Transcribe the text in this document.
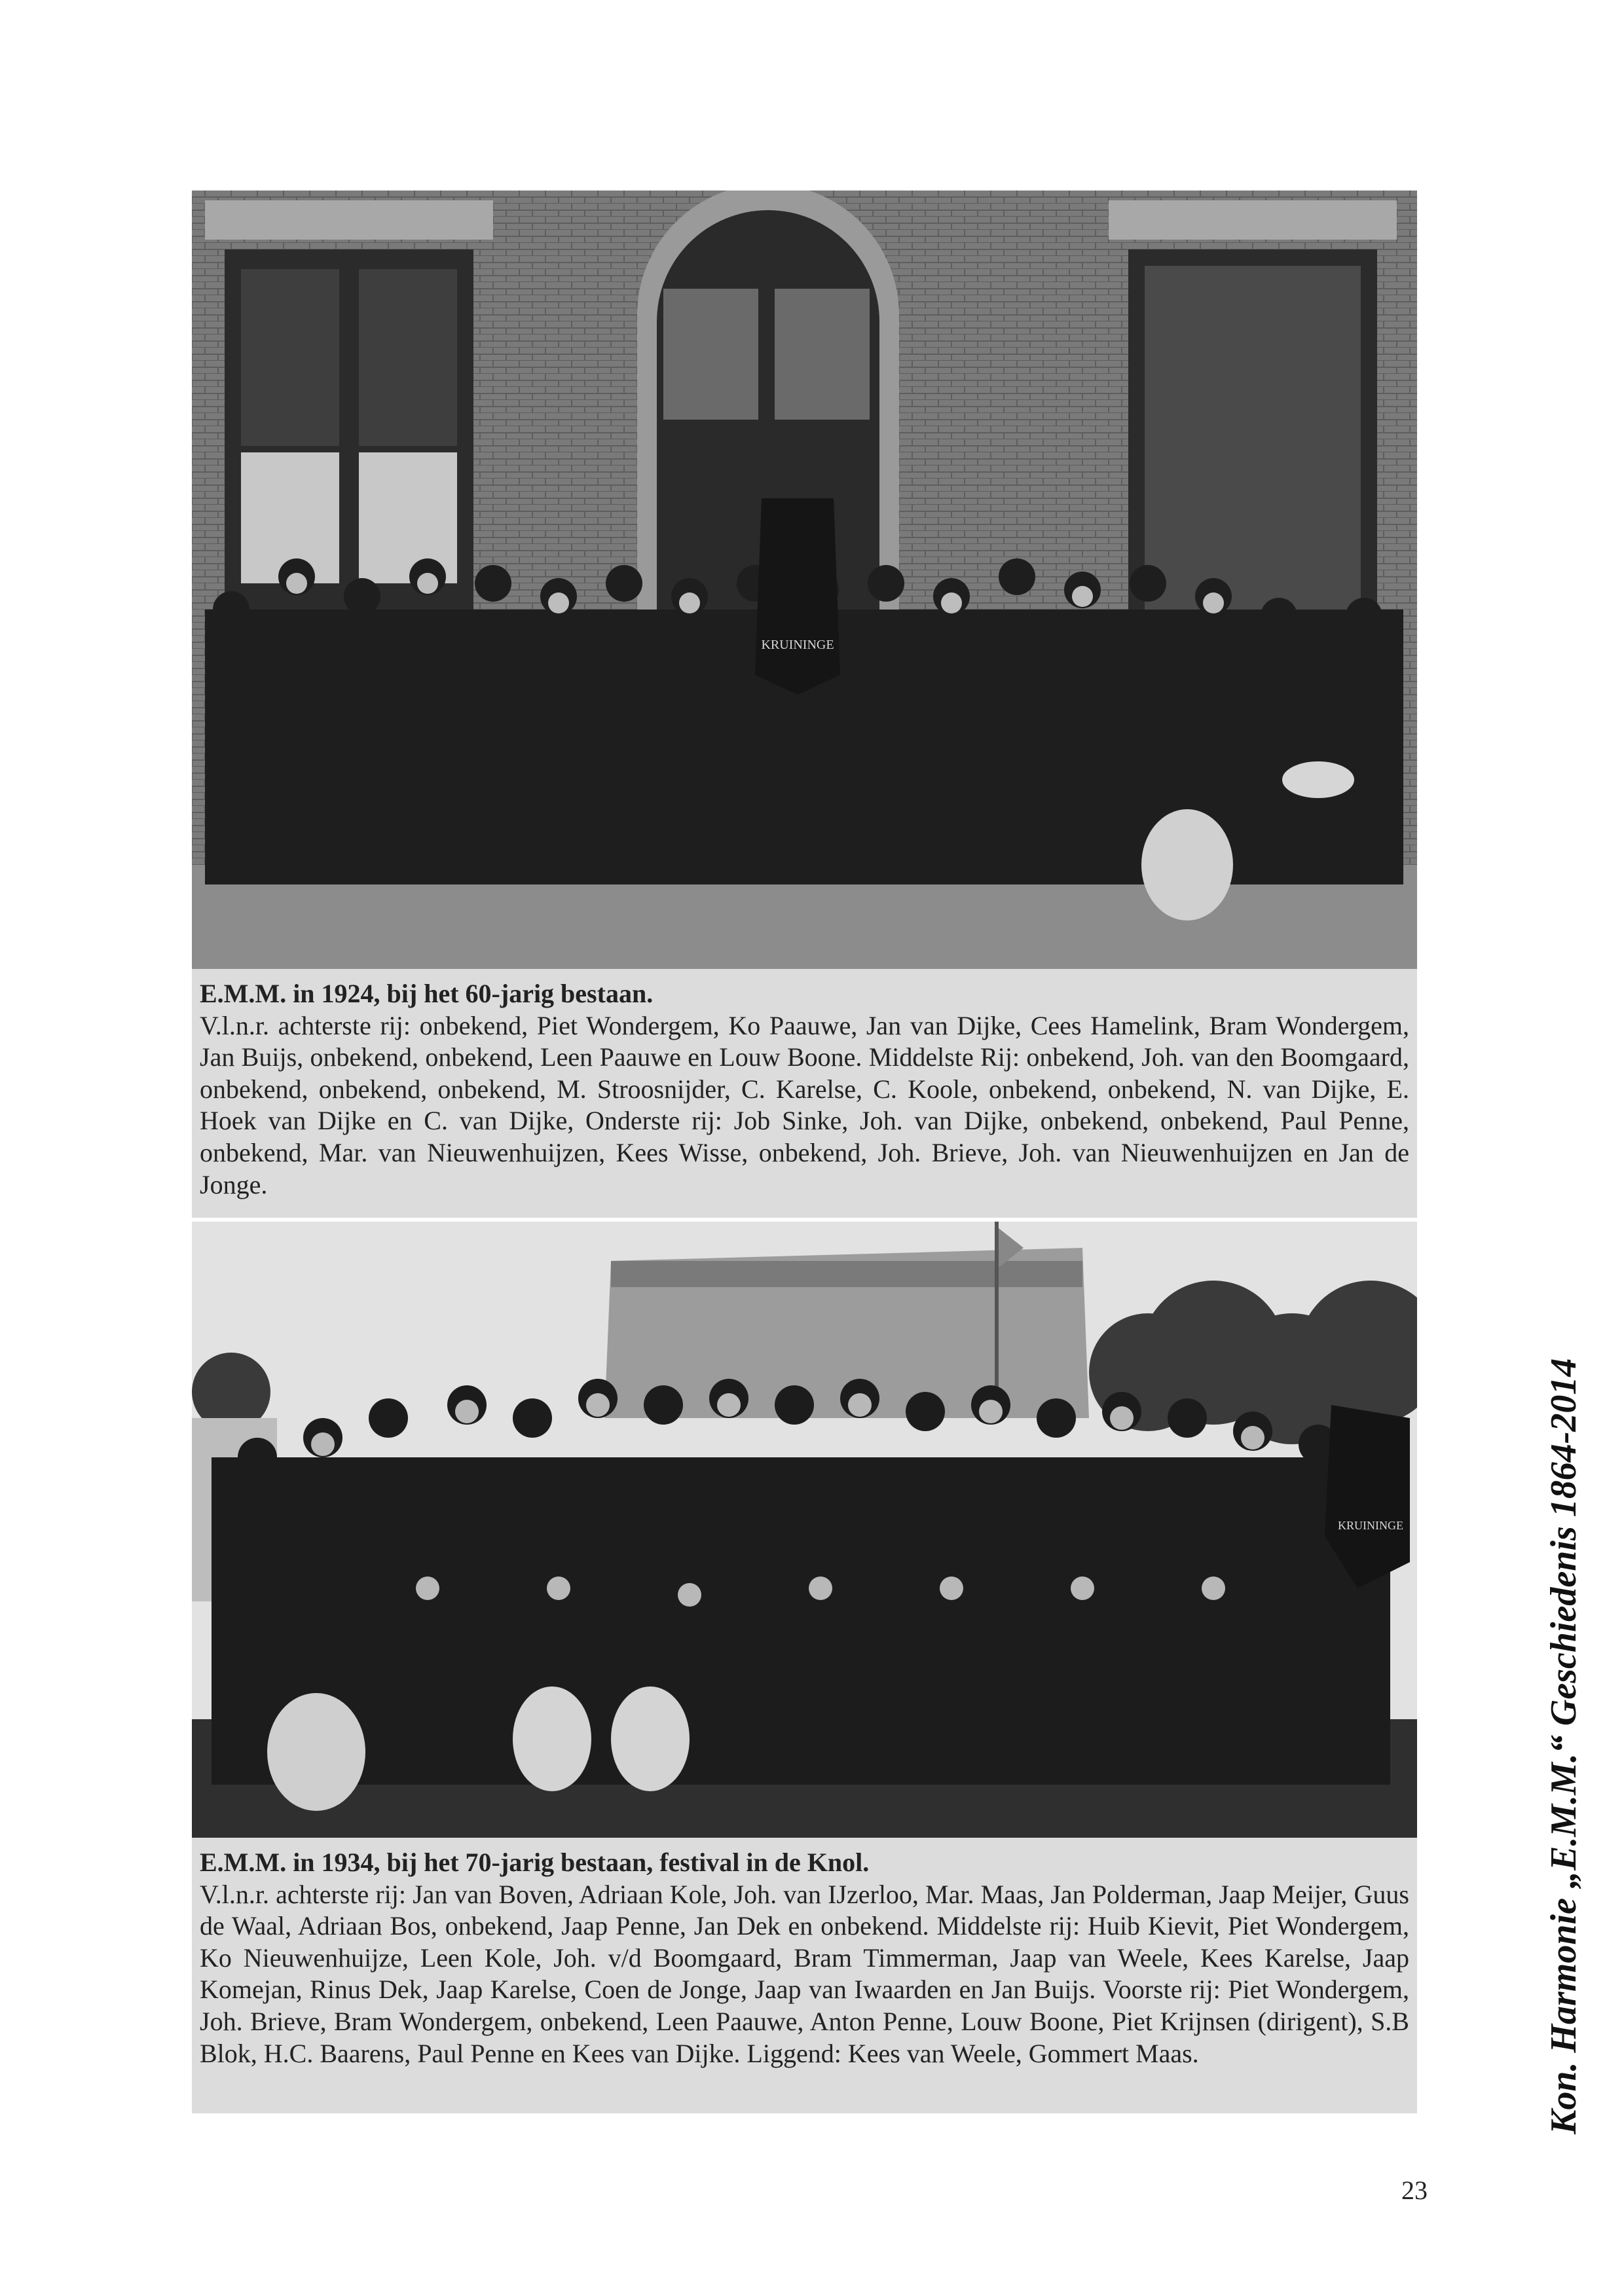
KRUININGE
E.M.M. in 1924, bij het 60-jarig bestaan.
V.l.n.r. achterste rij: onbekend, Piet Wondergem, Ko Paauwe, Jan van Dijke, Cees Hamelink, Bram Wondergem, Jan Buijs, onbekend, onbekend, Leen Paauwe en Louw Boone. Middelste Rij: onbekend, Joh. van den Boomgaard, onbekend, onbekend, onbekend, M. Stroosnijder, C. Karelse, C. Koole, onbekend, onbekend, N. van Dijke, E. Hoek van Dijke en C. van Dijke, Onderste rij: Job Sinke, Joh. van Dijke, onbekend, onbekend, Paul Penne, onbekend, Mar. van Nieuwenhuijzen, Kees Wisse, onbekend, Joh. Brieve, Joh. van Nieuwenhuijzen en Jan de Jonge.
KRUININGE
E.M.M. in 1934, bij het 70-jarig bestaan, festival in de Knol.
V.l.n.r. achterste rij: Jan van Boven, Adriaan Kole, Joh. van IJzerloo, Mar. Maas, Jan Polderman, Jaap Meijer, Guus de Waal, Adriaan Bos, onbekend, Jaap Penne, Jan Dek en onbekend. Middelste rij: Huib Kievit, Piet Wondergem, Ko Nieuwenhuijze, Leen Kole, Joh. v/d Boomgaard, Bram Timmerman, Jaap van Weele, Kees Karelse, Jaap Komejan, Rinus Dek, Jaap Karelse, Coen de Jonge, Jaap van Iwaarden en Jan Buijs. Voorste rij: Piet Wondergem, Joh. Brieve, Bram Wondergem, onbekend, Leen Paauwe, Anton Penne, Louw Boone, Piet Krijnsen (dirigent), S.B Blok, H.C. Baarens, Paul Penne en Kees van Dijke. Liggend: Kees van Weele, Gommert Maas.	Kon. Harmonie „E.M.M.“ Geschiedenis 1864-2014
23
